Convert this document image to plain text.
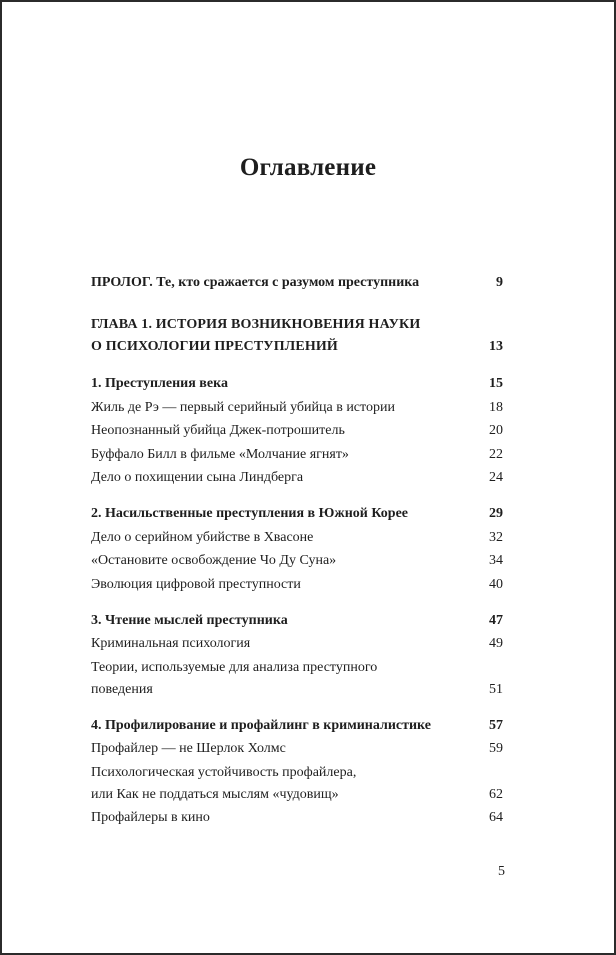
Оглавление
ПРОЛОГ. Те, кто сражается с разумом преступника	9
ГЛАВА 1. ИСТОРИЯ ВОЗНИКНОВЕНИЯ НАУКИ
О ПСИХОЛОГИИ ПРЕСТУПЛЕНИЙ	13
1. Преступления века	15
Жиль де Рэ — первый серийный убийца в истории	18
Неопознанный убийца Джек-потрошитель	20
Буффало Билл в фильме «Молчание ягнят»	22
Дело о похищении сына Линдберга	24
2. Насильственные преступления в Южной Корее	29
Дело о серийном убийстве в Хвасоне	32
«Остановите освобождение Чо Ду Суна»	34
Эволюция цифровой преступности	40
3. Чтение мыслей преступника	47
Криминальная психология	49
Теории, используемые для анализа преступного
поведения	51
4. Профилирование и профайлинг в криминалистике	57
Профайлер — не Шерлок Холмс	59
Психологическая устойчивость профайлера,
или Как не поддаться мыслям «чудовищ»	62
Профайлеры в кино	64
5
